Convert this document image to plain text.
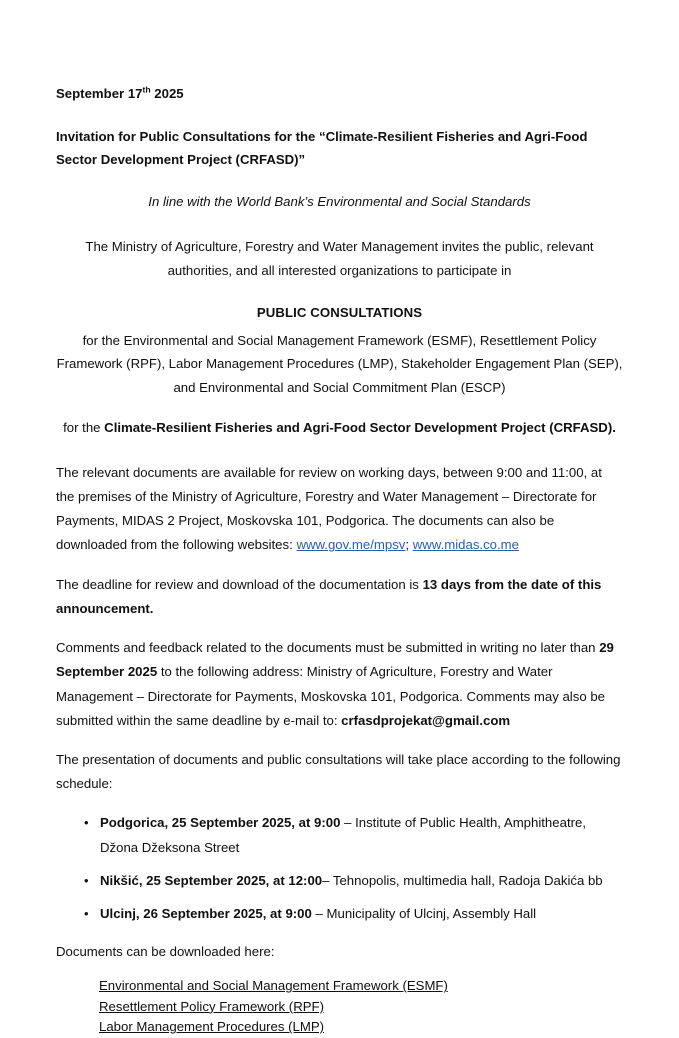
September 17th 2025

Invitation for Public Consultations for the “Climate-Resilient Fisheries and Agri-Food Sector Development Project (CRFASD)”

In line with the World Bank’s Environmental and Social Standards

The Ministry of Agriculture, Forestry and Water Management invites the public, relevant authorities, and all interested organizations to participate in

PUBLIC CONSULTATIONS

for the Environmental and Social Management Framework (ESMF), Resettlement Policy Framework (RPF), Labor Management Procedures (LMP), Stakeholder Engagement Plan (SEP), and Environmental and Social Commitment Plan (ESCP)

for the Climate-Resilient Fisheries and Agri-Food Sector Development Project (CRFASD).

The relevant documents are available for review on working days, between 9:00 and 11:00, at the premises of the Ministry of Agriculture, Forestry and Water Management – Directorate for Payments, MIDAS 2 Project, Moskovska 101, Podgorica. The documents can also be downloaded from the following websites: www.gov.me/mpsv; www.midas.co.me

The deadline for review and download of the documentation is 13 days from the date of this announcement.

Comments and feedback related to the documents must be submitted in writing no later than 29 September 2025 to the following address: Ministry of Agriculture, Forestry and Water Management – Directorate for Payments, Moskovska 101, Podgorica. Comments may also be submitted within the same deadline by e-mail to: crfasdprojekat@gmail.com

The presentation of documents and public consultations will take place according to the following schedule:

• Podgorica, 25 September 2025, at 9:00 – Institute of Public Health, Amphitheatre, Džona Džeksona Street
• Nikšić, 25 September 2025, at 12:00– Tehnopolis, multimedia hall, Radoja Dakića bb
• Ulcinj, 26 September 2025, at 9:00 – Municipality of Ulcinj, Assembly Hall

Documents can be downloaded here:

Environmental and Social Management Framework (ESMF)
Resettlement Policy Framework (RPF)
Labor Management Procedures (LMP)
